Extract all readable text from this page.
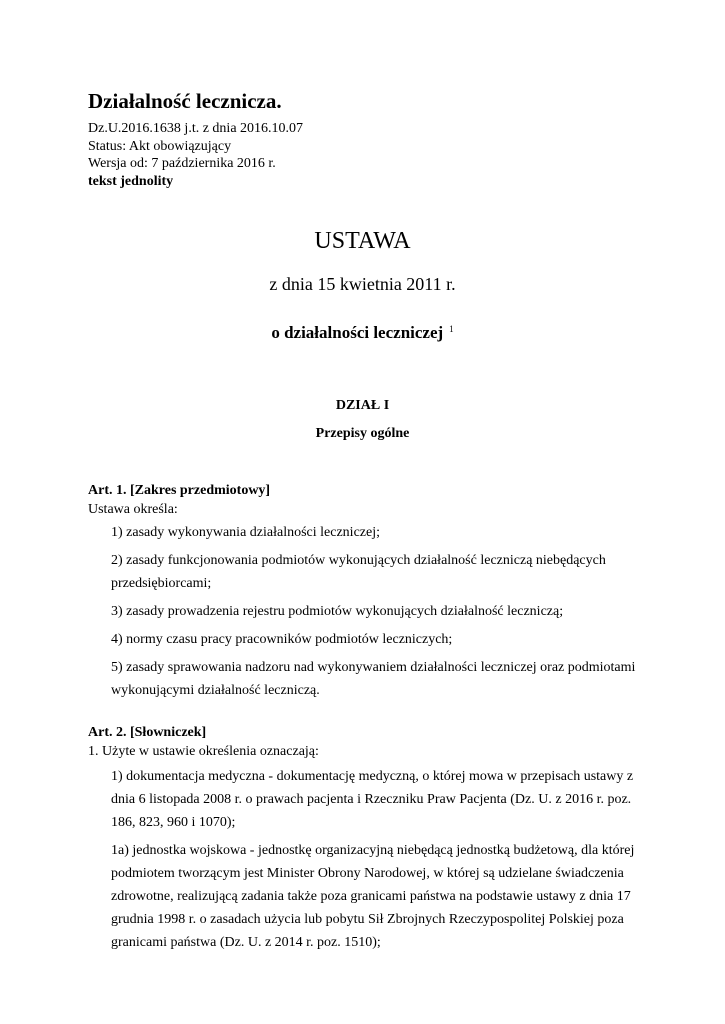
Działalność lecznicza.
Dz.U.2016.1638 j.t. z dnia 2016.10.07
Status: Akt obowiązujący
Wersja od: 7 października 2016 r.
tekst jednolity
USTAWA
z dnia 15 kwietnia 2011 r.
o działalności leczniczej $^1$
DZIAŁ I
Przepisy ogólne
Art. 1. [Zakres przedmiotowy]
Ustawa określa:
1) zasady wykonywania działalności leczniczej;
2) zasady funkcjonowania podmiotów wykonujących działalność leczniczą niebędących przedsiębiorcami;
3) zasady prowadzenia rejestru podmiotów wykonujących działalność leczniczą;
4) normy czasu pracy pracowników podmiotów leczniczych;
5) zasady sprawowania nadzoru nad wykonywaniem działalności leczniczej oraz podmiotami wykonującymi działalność leczniczą.
Art. 2. [Słowniczek]
1. Użyte w ustawie określenia oznaczają:
1) dokumentacja medyczna - dokumentację medyczną, o której mowa w przepisach ustawy z dnia 6 listopada 2008 r. o prawach pacjenta i Rzeczniku Praw Pacjenta (Dz. U. z 2016 r. poz. 186, 823, 960 i 1070);
1a) jednostka wojskowa - jednostkę organizacyjną niebędącą jednostką budżetową, dla której podmiotem tworzącym jest Minister Obrony Narodowej, w której są udzielane świadczenia zdrowotne, realizującą zadania także poza granicami państwa na podstawie ustawy z dnia 17 grudnia 1998 r. o zasadach użycia lub pobytu Sił Zbrojnych Rzeczypospolitej Polskiej poza granicami państwa (Dz. U. z 2014 r. poz. 1510);
